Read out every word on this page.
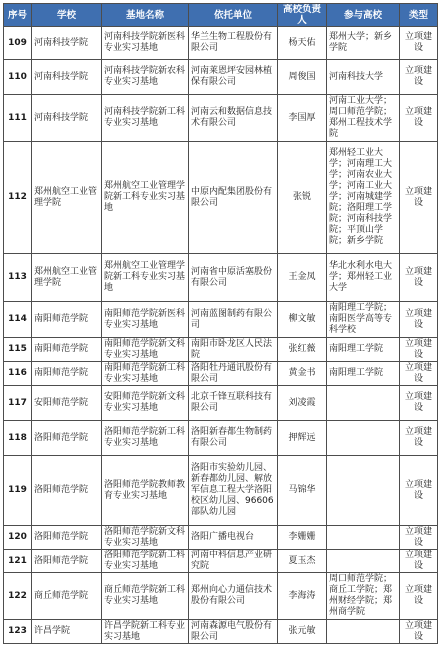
序号	学校	基地名称	依托单位	高校负责人	参与高校	类型
109	河南科技学院	河南科技学院新医科专业实习基地	华兰生物工程股份有限公司	杨天佑	郑州大学；新乡学院	立项建设
110	河南科技学院	河南科技学院新农科专业实习基地	河南莱恩坪安园林植保有限公司	周俊国	河南科技大学	立项建设
111	河南科技学院	河南科技学院新工科专业实习基地	河南云和数据信息技术有限公司	李国厚	河南工业大学；周口师范学院；郑州工程技术学院	立项建设
112	郑州航空工业管理学院	郑州航空工业管理学院新工科专业实习基地	中原内配集团股份有限公司	张锐	郑州轻工业大学；河南理工大学；河南农业大学；河南工业大学；河南城建学院；洛阳理工学院；河南科技学院；平顶山学院；新乡学院	立项建设
113	郑州航空工业管理学院	郑州航空工业管理学院新工科专业实习基地	河南省中原活塞股份有限公司	王金凤	华北水利水电大学；郑州轻工业大学	立项建设
114	南阳师范学院	南阳师范学院新医科专业实习基地	河南蓝图制药有限公司	柳文敏	南阳理工学院；南阳医学高等专科学校	立项建设
115	南阳师范学院	南阳师范学院新文科专业实习基地	南阳市卧龙区人民法院	张红薇	南阳理工学院	立项建设
116	南阳师范学院	南阳师范学院新工科专业实习基地	洛阳牡丹通讯股份有限公司	黄金书	南阳理工学院	立项建设
117	安阳师范学院	安阳师范学院新文科专业实习基地	北京千锋互联科技有限公司	刘凌霞		立项建设
118	洛阳师范学院	洛阳师范学院新工科专业实习基地	洛阳新春都生物制药有限公司	押辉远		立项建设
119	洛阳师范学院	洛阳师范学院教师教育专业实习基地	洛阳市实验幼儿园、新春都幼儿园、解放军信息工程大学洛阳校区幼儿园、96606部队幼儿园	马锦华		立项建设
120	洛阳师范学院	洛阳师范学院新文科专业实习基地	洛阳广播电视台	李姗姗		立项建设
121	洛阳师范学院	洛阳师范学院新工科专业实习基地	河南中科信息产业研究院	夏玉杰		立项建设
122	商丘师范学院	商丘师范学院新工科专业实习基地	郑州向心力通信技术股份有限公司	李海涛	周口师范学院；商丘工学院；郑州财经学院；郑州商学院	立项建设
123	许昌学院	许昌学院新工科专业实习基地	河南森源电气股份有限公司	张元敏		立项建设
